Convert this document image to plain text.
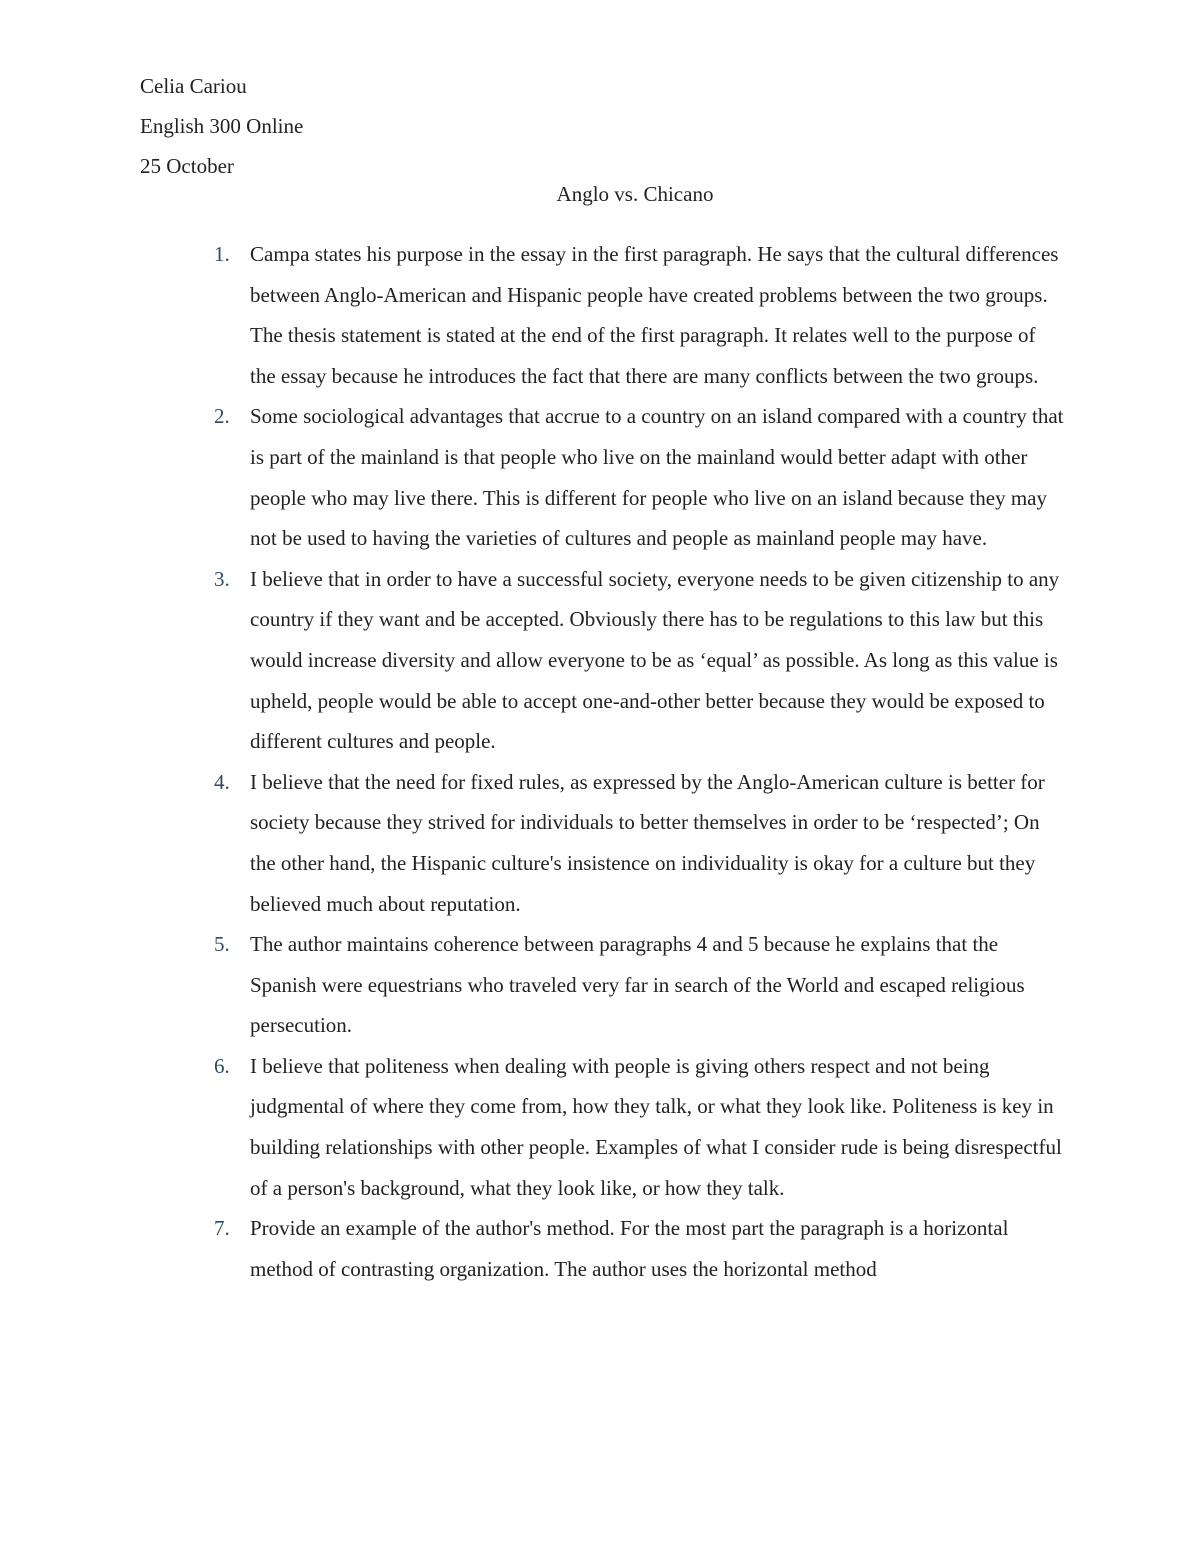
Celia Cariou
English 300 Online
25 October
Anglo vs. Chicano
1. Campa states his purpose in the essay in the first paragraph. He says that the cultural differences between Anglo-American and Hispanic people have created problems between the two groups. The thesis statement is stated at the end of the first paragraph. It relates well to the purpose of the essay because he introduces the fact that there are many conflicts between the two groups.
2. Some sociological advantages that accrue to a country on an island compared with a country that is part of the mainland is that people who live on the mainland would better adapt with other people who may live there. This is different for people who live on an island because they may not be used to having the varieties of cultures and people as mainland people may have.
3. I believe that in order to have a successful society, everyone needs to be given citizenship to any country if they want and be accepted. Obviously there has to be regulations to this law but this would increase diversity and allow everyone to be as ‘equal’ as possible. As long as this value is upheld, people would be able to accept one-and-other better because they would be exposed to different cultures and people.
4. I believe that the need for fixed rules, as expressed by the Anglo-American culture is better for society because they strived for individuals to better themselves in order to be ‘respected’; On the other hand, the Hispanic culture's insistence on individuality is okay for a culture but they believed much about reputation.
5. The author maintains coherence between paragraphs 4 and 5 because he explains that the Spanish were equestrians who traveled very far in search of the World and escaped religious persecution.
6. I believe that politeness when dealing with people is giving others respect and not being judgmental of where they come from, how they talk, or what they look like. Politeness is key in building relationships with other people. Examples of what I consider rude is being disrespectful of a person's background, what they look like, or how they talk.
7. Provide an example of the author's method. For the most part the paragraph is a horizontal method of contrasting organization. The author uses the horizontal method
